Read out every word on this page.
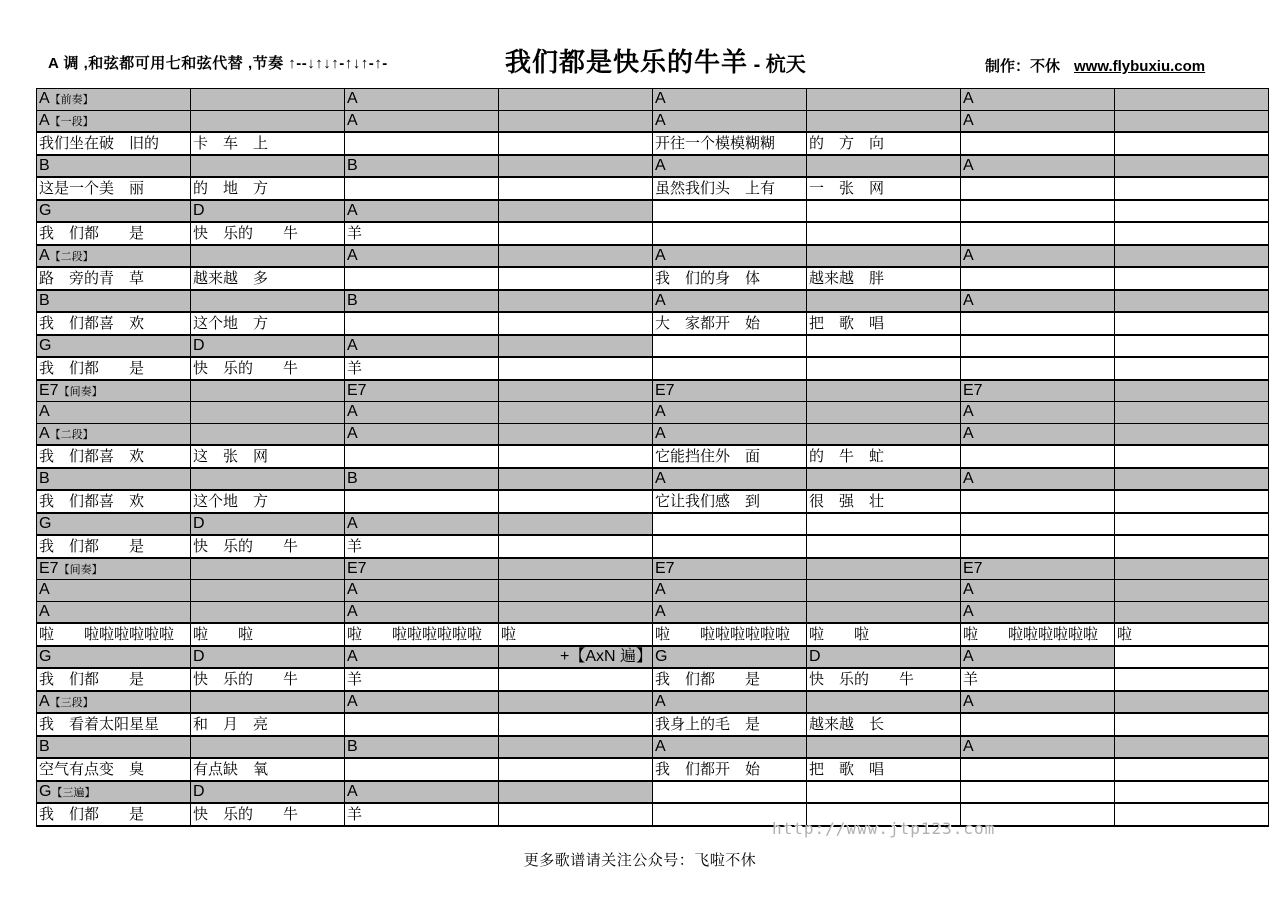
A 调 ,和弦都可用七和弦代替 ,节奏 ↑--↓↑↓↑-↑↓↑-↑-	我们都是快乐的牛羊 - 杭天	制作：不休 www.flybuxiu.com
A【前奏】		A		A		A	
A【一段】		A		A		A	
我们坐在破　旧的	卡　车　上			开往一个模模糊糊	的　方　向		
B		B		A		A	
这是一个美　丽	的　地　方			虽然我们头　上有	一　张　网		
G	D	A					
我　们都　　是	快　乐的　　牛	羊					
A【二段】		A		A		A	
路　旁的青　草	越来越　多			我　们的身　体	越来越　胖		
B		B		A		A	
我　们都喜　欢	这个地　方			大　家都开　始	把　歌　唱		
G	D	A					
我　们都　　是	快　乐的　　牛	羊					
E7【间奏】		E7		E7		E7	
A		A		A		A	
A【二段】		A		A		A	
我　们都喜　欢	这　张　网			它能挡住外　面	的　牛　虻		
B		B		A		A	
我　们都喜　欢	这个地　方			它让我们感　到	很　强　壮		
G	D	A					
我　们都　　是	快　乐的　　牛	羊					
E7【间奏】		E7		E7		E7	
A		A		A		A	
A		A		A		A	
啦　　啦啦啦啦啦啦	啦　　啦	啦　　啦啦啦啦啦啦	啦	啦　　啦啦啦啦啦啦	啦　　啦	啦　　啦啦啦啦啦啦	啦
G	D	A	+【AxN 遍】	G	D	A	
我　们都　　是	快　乐的　　牛	羊		我　们都　　是	快　乐的　　牛	羊	
A【三段】		A		A		A	
我　看着太阳星星	和　月　亮			我身上的毛　是	越来越　长		
B		B		A		A	
空气有点变　臭	有点缺　氧			我　们都开　始	把　歌　唱		
G【三遍】	D	A					
我　们都　　是	快　乐的　　牛	羊					
http://www.jtp123.com
更多歌谱请关注公众号：飞啦不休
